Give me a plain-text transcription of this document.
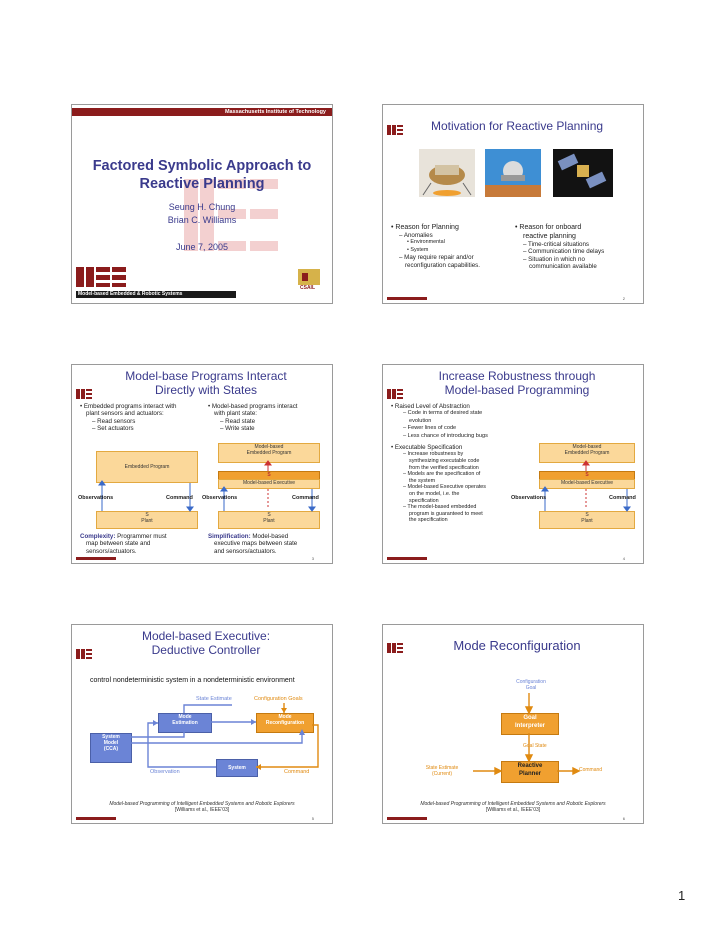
Massachusetts Institute of Technology
Factored Symbolic Approach to
Reactive Planning
Seung H. Chung
Brian C. Williams
June 7, 2005
Model-based Embedded & Robotic Systems
CSAIL
Motivation for Reactive Planning
• Reason for Planning
– Anomalies
• Environmental
• System
– May require repair and/or
reconfiguration capabilities.
• Reason for onboard
reactive planning
– Time-critical situations
– Communication time delays
– Situation in which no
communication available
2
Model-base Programs Interact
Directly with States
• Embedded programs interact with
plant sensors and actuators:
– Read sensors
– Set actuators
• Model-based programs interact
with plant state:
– Read state
– Write state
Embedded Program
S
Plant
Model-based
Embedded Program
S
Model-based Executive
S
Plant
Observations	Command Observations	Command
Complexity: Programmer must
map between state and
sensors/actuators.
Simplification: Model-based
executive maps between state
and sensors/actuators.
3
Increase Robustness through
Model-based Programming
• Raised Level of Abstraction
– Code in terms of desired state
evolution
– Fewer lines of code
– Less chance of introducing bugs
• Executable Specification
– Increase robustness by
synthesizing executable code
from the verified specification
– Models are the specification of
the system
– Model-based Executive operates
on the model, i.e. the
specification
– The model-based embedded
program is guaranteed to meet
the specification
Model-based
Embedded Program
S
Model-based Executive
S
Plant
Observations	Command
4
Model-based Executive:
Deductive Controller
control nondeterministic system in a nondeterministic environment
State Estimate	Configuration Goals
Mode
Estimation
Mode
Reconfiguration
System
Model
(CCA)
System
Observation	Command
Model-based Programming of Intelligent Embedded Systems and Robotic Explorers
[Williams et al., IEEE'03]
5
Mode Reconfiguration
Configuration
Goal
Goal
Interpreter
Goal State
Reactive
Planner
State Estimate
(Current)
Command
Model-based Programming of Intelligent Embedded Systems and Robotic Explorers
[Williams et al., IEEE'03]
6
1
